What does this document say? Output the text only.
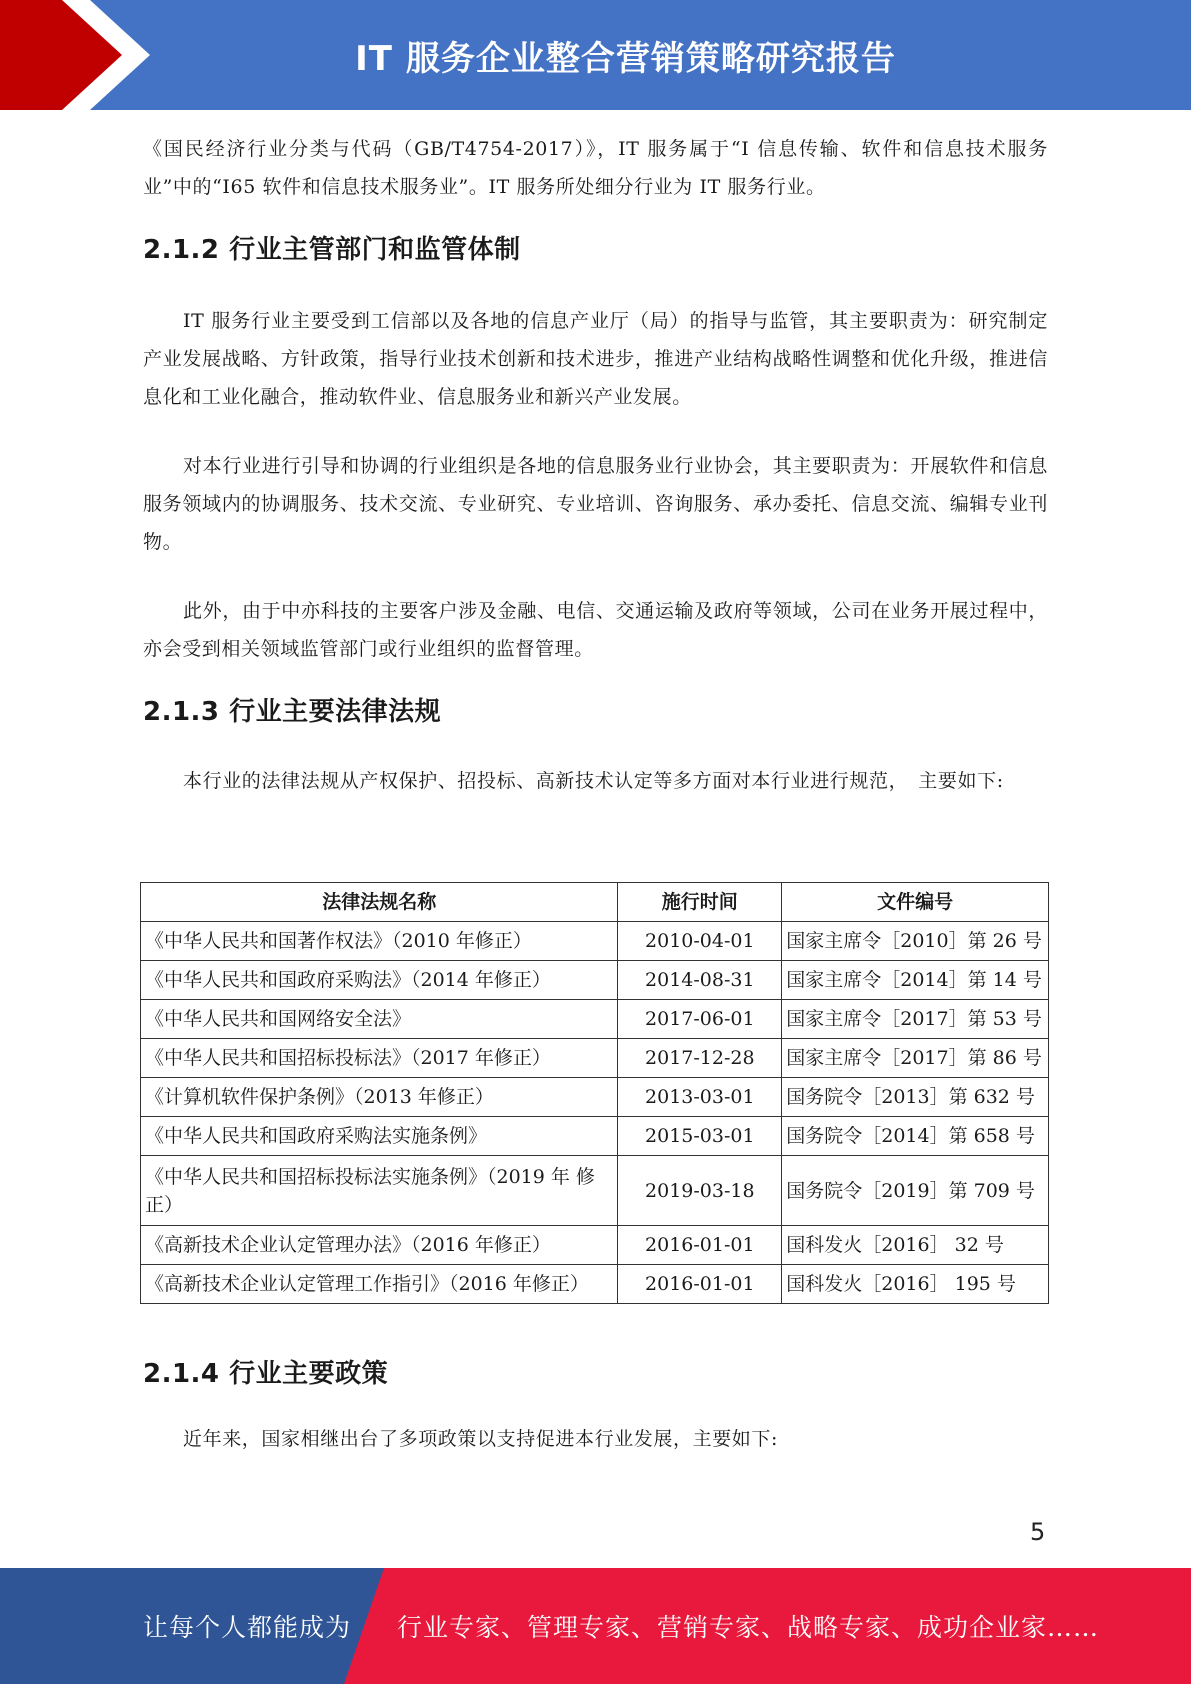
IT 服务企业整合营销策略研究报告

《国民经济行业分类与代码（GB/T4754-2017）》，IT 服务属于“I 信息传输、软件和信息技术服务业”中的“I65 软件和信息技术服务业”。IT 服务所处细分行业为 IT 服务行业。

2.1.2 行业主管部门和监管体制

IT 服务行业主要受到工信部以及各地的信息产业厅（局）的指导与监管，其主要职责为：研究制定产业发展战略、方针政策，指导行业技术创新和技术进步，推进产业结构战略性调整和优化升级，推进信息化和工业化融合，推动软件业、信息服务业和新兴产业发展。

对本行业进行引导和协调的行业组织是各地的信息服务业行业协会，其主要职责为：开展软件和信息服务领域内的协调服务、技术交流、专业研究、专业培训、咨询服务、承办委托、信息交流、编辑专业刊物。

此外，由于中亦科技的主要客户涉及金融、电信、交通运输及政府等领域，公司在业务开展过程中，亦会受到相关领域监管部门或行业组织的监督管理。

2.1.3 行业主要法律法规

本行业的法律法规从产权保护、招投标、高新技术认定等多方面对本行业进行规范，　主要如下:

法律法规名称	施行时间	文件编号
《中华人民共和国著作权法》（2010 年修正）	2010-04-01	国家主席令［2010］第 26 号
《中华人民共和国政府采购法》（2014 年修正）	2014-08-31	国家主席令［2014］第 14 号
《中华人民共和国网络安全法》	2017-06-01	国家主席令［2017］第 53 号
《中华人民共和国招标投标法》（2017 年修正）	2017-12-28	国家主席令［2017］第 86 号
《计算机软件保护条例》（2013 年修正）	2013-03-01	国务院令［2013］第 632 号
《中华人民共和国政府采购法实施条例》	2015-03-01	国务院令［2014］第 658 号
《中华人民共和国招标投标法实施条例》（2019 年 修正）	2019-03-18	国务院令［2019］第 709 号
《高新技术企业认定管理办法》（2016 年修正）	2016-01-01	国科发火［2016］ 32 号
《高新技术企业认定管理工作指引》（2016 年修正）	2016-01-01	国科发火［2016］ 195 号
2.1.4 行业主要政策

近年来，国家相继出台了多项政策以支持促进本行业发展，主要如下:

5
让每个人都能成为 行业专家、管理专家、营销专家、战略专家、成功企业家……
